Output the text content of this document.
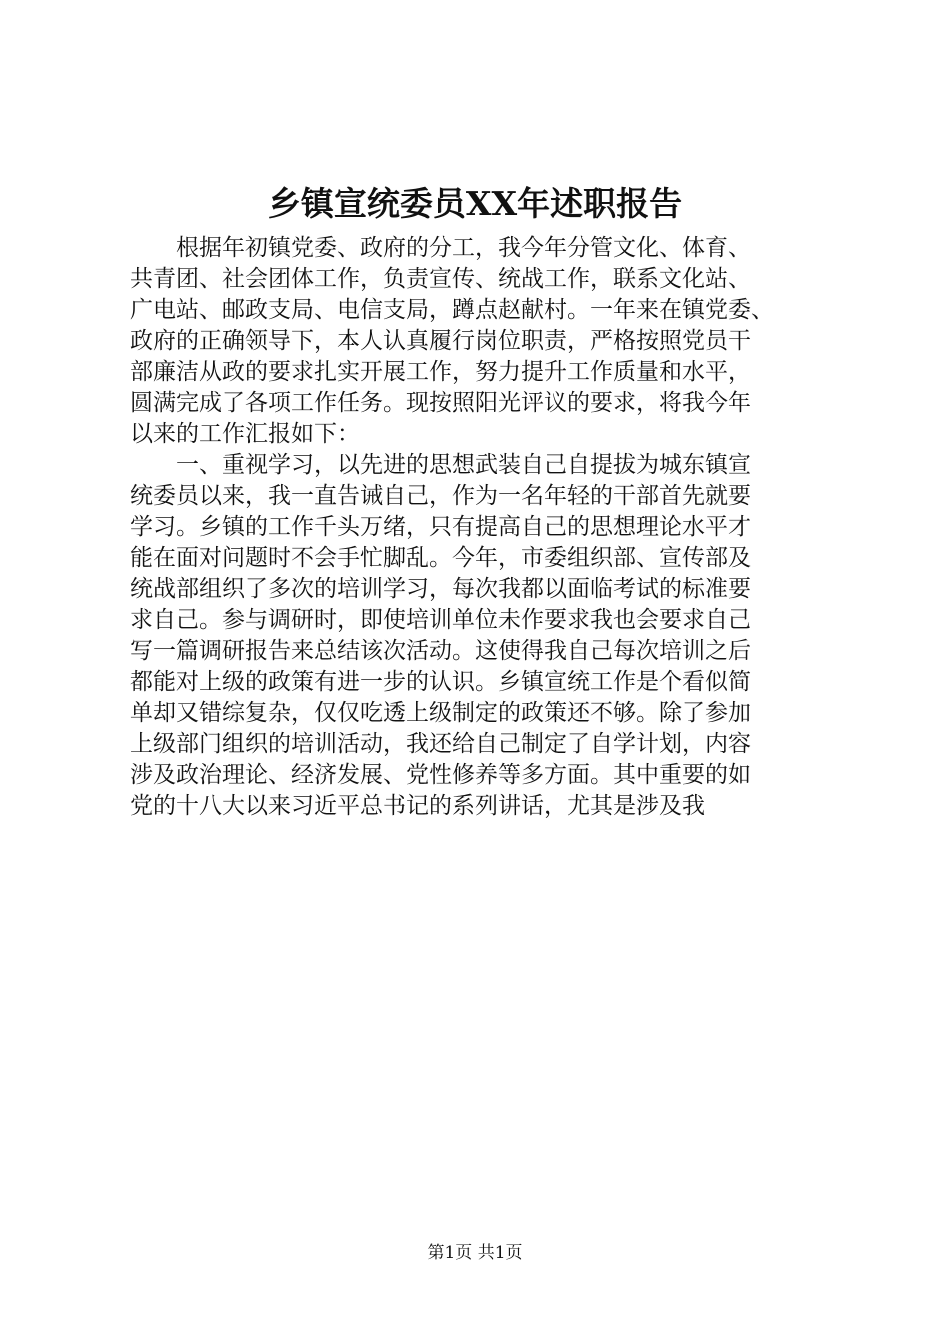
乡镇宣统委员XX年述职报告
　　根据年初镇党委、政府的分工，我今年分管文化、体育、
共青团、社会团体工作，负责宣传、统战工作，联系文化站、
广电站、邮政支局、电信支局，蹲点赵献村。一年来在镇党委、
政府的正确领导下，本人认真履行岗位职责，严格按照党员干
部廉洁从政的要求扎实开展工作，努力提升工作质量和水平，
圆满完成了各项工作任务。现按照阳光评议的要求，将我今年
以来的工作汇报如下：
　　一、重视学习，以先进的思想武装自己自提拔为城东镇宣
统委员以来，我一直告诫自己，作为一名年轻的干部首先就要
学习。乡镇的工作千头万绪，只有提高自己的思想理论水平才
能在面对问题时不会手忙脚乱。今年，市委组织部、宣传部及
统战部组织了多次的培训学习，每次我都以面临考试的标准要
求自己。参与调研时，即使培训单位未作要求我也会要求自己
写一篇调研报告来总结该次活动。这使得我自己每次培训之后
都能对上级的政策有进一步的认识。乡镇宣统工作是个看似简
单却又错综复杂，仅仅吃透上级制定的政策还不够。除了参加
上级部门组织的培训活动，我还给自己制定了自学计划，内容
涉及政治理论、经济发展、党性修养等多方面。其中重要的如
党的十八大以来习近平总书记的系列讲话，尤其是涉及我
第1页 共1页
